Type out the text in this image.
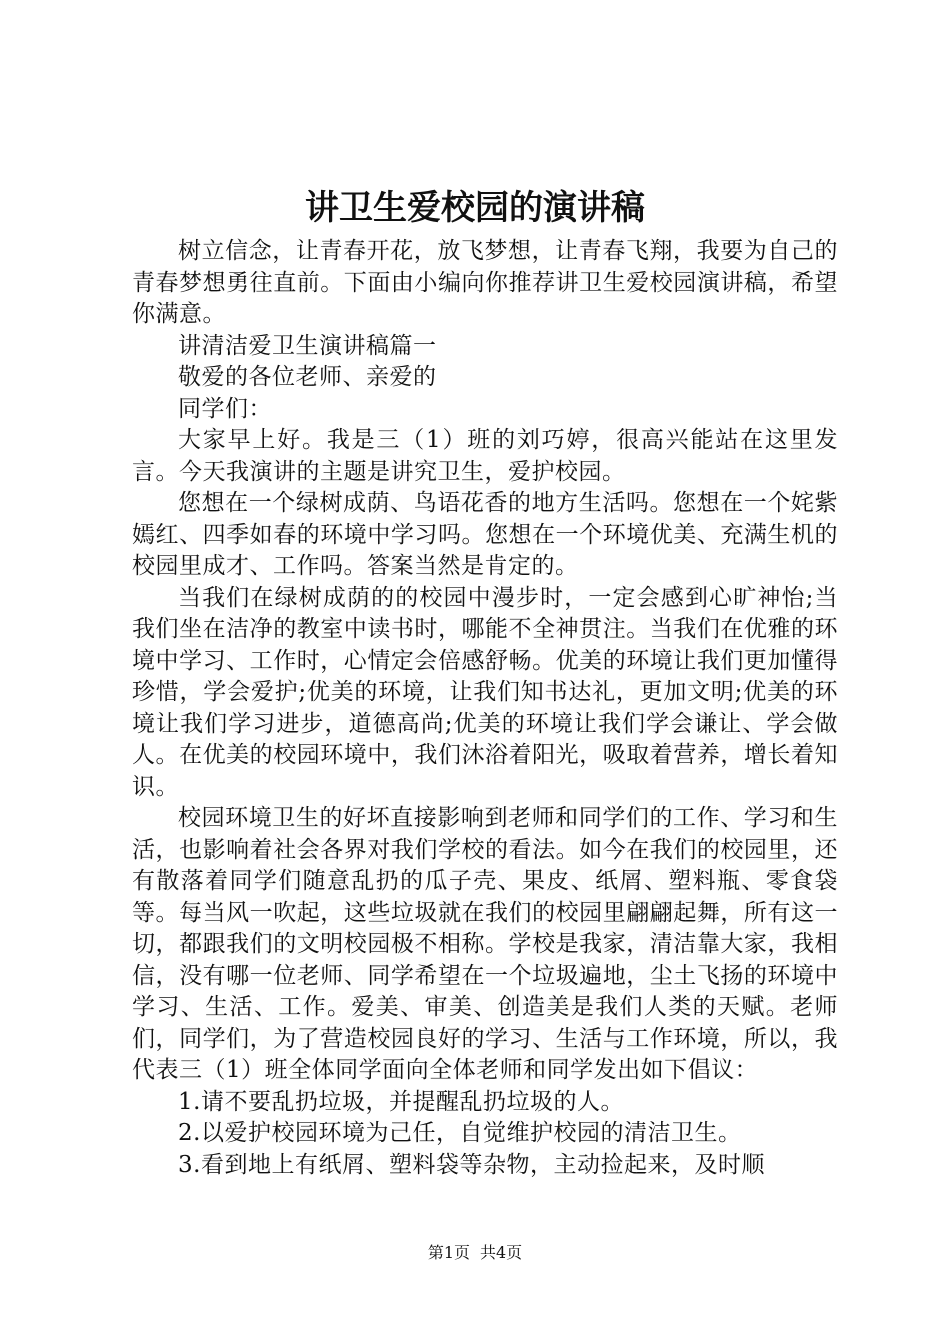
讲卫生爱校园的演讲稿

树立信念，让青春开花，放飞梦想，让青春飞翔，我要为自己的青春梦想勇往直前。下面由小编向你推荐讲卫生爱校园演讲稿，希望你满意。

讲清洁爱卫生演讲稿篇一

敬爱的各位老师、亲爱的

同学们：

大家早上好。我是三（1）班的刘巧婷，很高兴能站在这里发言。今天我演讲的主题是讲究卫生，爱护校园。

您想在一个绿树成荫、鸟语花香的地方生活吗。您想在一个姹紫嫣红、四季如春的环境中学习吗。您想在一个环境优美、充满生机的校园里成才、工作吗。答案当然是肯定的。

当我们在绿树成荫的的校园中漫步时，一定会感到心旷神怡;当我们坐在洁净的教室中读书时，哪能不全神贯注。当我们在优雅的环境中学习、工作时，心情定会倍感舒畅。优美的环境让我们更加懂得珍惜，学会爱护;优美的环境，让我们知书达礼，更加文明;优美的环境让我们学习进步，道德高尚;优美的环境让我们学会谦让、学会做人。在优美的校园环境中，我们沐浴着阳光，吸取着营养，增长着知识。

校园环境卫生的好坏直接影响到老师和同学们的工作、学习和生活，也影响着社会各界对我们学校的看法。如今在我们的校园里，还有散落着同学们随意乱扔的瓜子壳、果皮、纸屑、塑料瓶、零食袋等。每当风一吹起，这些垃圾就在我们的校园里翩翩起舞，所有这一切，都跟我们的文明校园极不相称。学校是我家，清洁靠大家，我相信，没有哪一位老师、同学希望在一个垃圾遍地，尘土飞扬的环境中学习、生活、工作。爱美、审美、创造美是我们人类的天赋。老师们，同学们，为了营造校园良好的学习、生活与工作环境，所以，我代表三（1）班全体同学面向全体老师和同学发出如下倡议：

1.请不要乱扔垃圾，并提醒乱扔垃圾的人。

2.以爱护校园环境为己任，自觉维护校园的清洁卫生。

3.看到地上有纸屑、塑料袋等杂物，主动捡起来，及时顺

第1页 共4页
